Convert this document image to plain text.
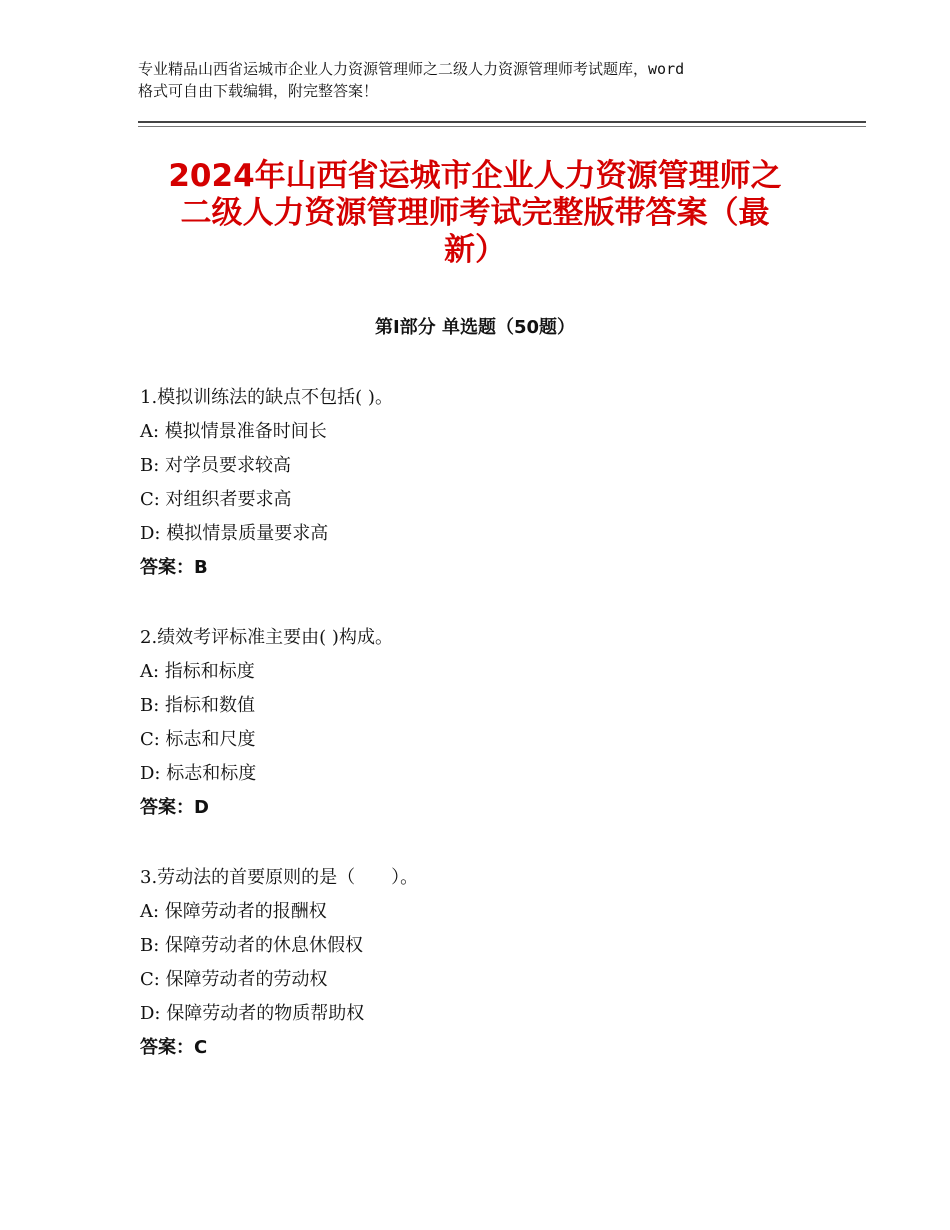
专业精品山西省运城市企业人力资源管理师之二级人力资源管理师考试题库，word
格式可自由下载编辑，附完整答案！
2024年山西省运城市企业人力资源管理师之
二级人力资源管理师考试完整版带答案（最
新）
第Ⅰ部分 单选题（50题）
1.模拟训练法的缺点不包括( )。
A: 模拟情景准备时间长
B: 对学员要求较高
C: 对组织者要求高
D: 模拟情景质量要求高
答案：B
2.绩效考评标准主要由( )构成。
A: 指标和标度
B: 指标和数值
C: 标志和尺度
D: 标志和标度
答案：D
3.劳动法的首要原则的是（　　）。
A: 保障劳动者的报酬权
B: 保障劳动者的休息休假权
C: 保障劳动者的劳动权
D: 保障劳动者的物质帮助权
答案：C
